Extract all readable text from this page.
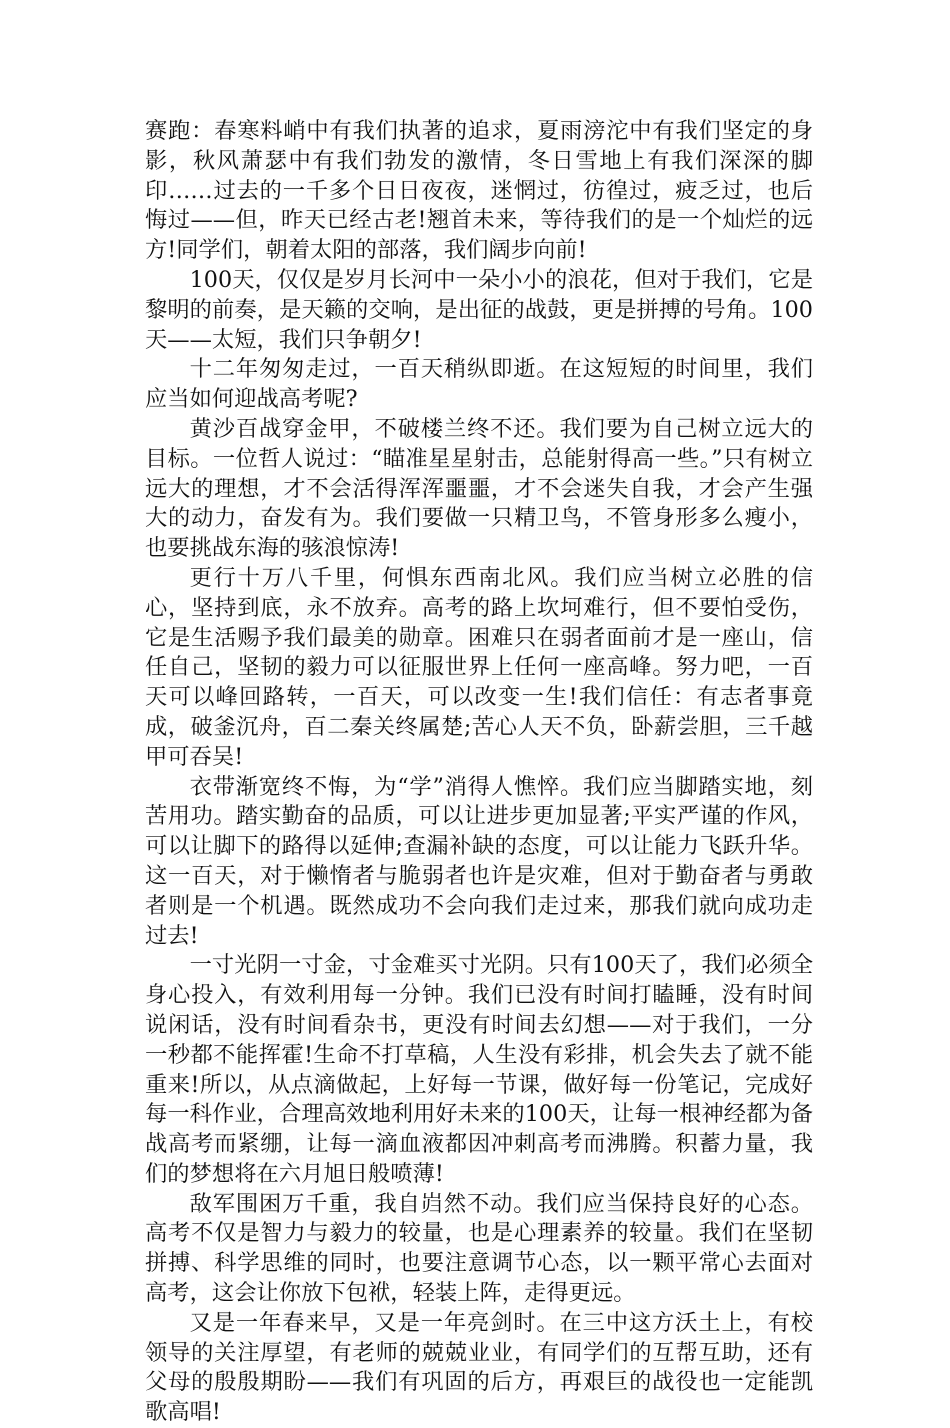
赛跑：春寒料峭中有我们执著的追求，夏雨滂沱中有我们坚定的身影，秋风萧瑟中有我们勃发的激情，冬日雪地上有我们深深的脚印……过去的一千多个日日夜夜，迷惘过，彷徨过，疲乏过，也后悔过——但，昨天已经古老!翘首未来，等待我们的是一个灿烂的远方!同学们，朝着太阳的部落，我们阔步向前!

100天，仅仅是岁月长河中一朵小小的浪花，但对于我们，它是黎明的前奏，是天籁的交响，是出征的战鼓，更是拼搏的号角。100天——太短，我们只争朝夕!

十二年匆匆走过，一百天稍纵即逝。在这短短的时间里，我们应当如何迎战高考呢?

黄沙百战穿金甲，不破楼兰终不还。我们要为自己树立远大的目标。一位哲人说过：“瞄准星星射击，总能射得高一些。”只有树立远大的理想，才不会活得浑浑噩噩，才不会迷失自我，才会产生强大的动力，奋发有为。我们要做一只精卫鸟，不管身形多么瘦小，也要挑战东海的骇浪惊涛!

更行十万八千里，何惧东西南北风。我们应当树立必胜的信心，坚持到底，永不放弃。高考的路上坎坷难行，但不要怕受伤，它是生活赐予我们最美的勋章。困难只在弱者面前才是一座山，信任自己，坚韧的毅力可以征服世界上任何一座高峰。努力吧，一百天可以峰回路转，一百天，可以改变一生!我们信任：有志者事竟成，破釜沉舟，百二秦关终属楚;苦心人天不负，卧薪尝胆，三千越甲可吞吴!

衣带渐宽终不悔，为“学”消得人憔悴。我们应当脚踏实地，刻苦用功。踏实勤奋的品质，可以让进步更加显著;平实严谨的作风，可以让脚下的路得以延伸;查漏补缺的态度，可以让能力飞跃升华。这一百天，对于懒惰者与脆弱者也许是灾难，但对于勤奋者与勇敢者则是一个机遇。既然成功不会向我们走过来，那我们就向成功走过去!

一寸光阴一寸金，寸金难买寸光阴。只有100天了，我们必须全身心投入，有效利用每一分钟。我们已没有时间打瞌睡，没有时间说闲话，没有时间看杂书，更没有时间去幻想——对于我们，一分一秒都不能挥霍!生命不打草稿，人生没有彩排，机会失去了就不能重来!所以，从点滴做起，上好每一节课，做好每一份笔记，完成好每一科作业，合理高效地利用好未来的100天，让每一根神经都为备战高考而紧绷，让每一滴血液都因冲刺高考而沸腾。积蓄力量，我们的梦想将在六月旭日般喷薄!

敌军围困万千重，我自岿然不动。我们应当保持良好的心态。高考不仅是智力与毅力的较量，也是心理素养的较量。我们在坚韧拼搏、科学思维的同时，也要注意调节心态，以一颗平常心去面对高考，这会让你放下包袱，轻装上阵，走得更远。

又是一年春来早，又是一年亮剑时。在三中这方沃土上，有校领导的关注厚望，有老师的兢兢业业，有同学们的互帮互助，还有父母的殷殷期盼——我们有巩固的后方，再艰巨的战役也一定能凯歌高唱!
